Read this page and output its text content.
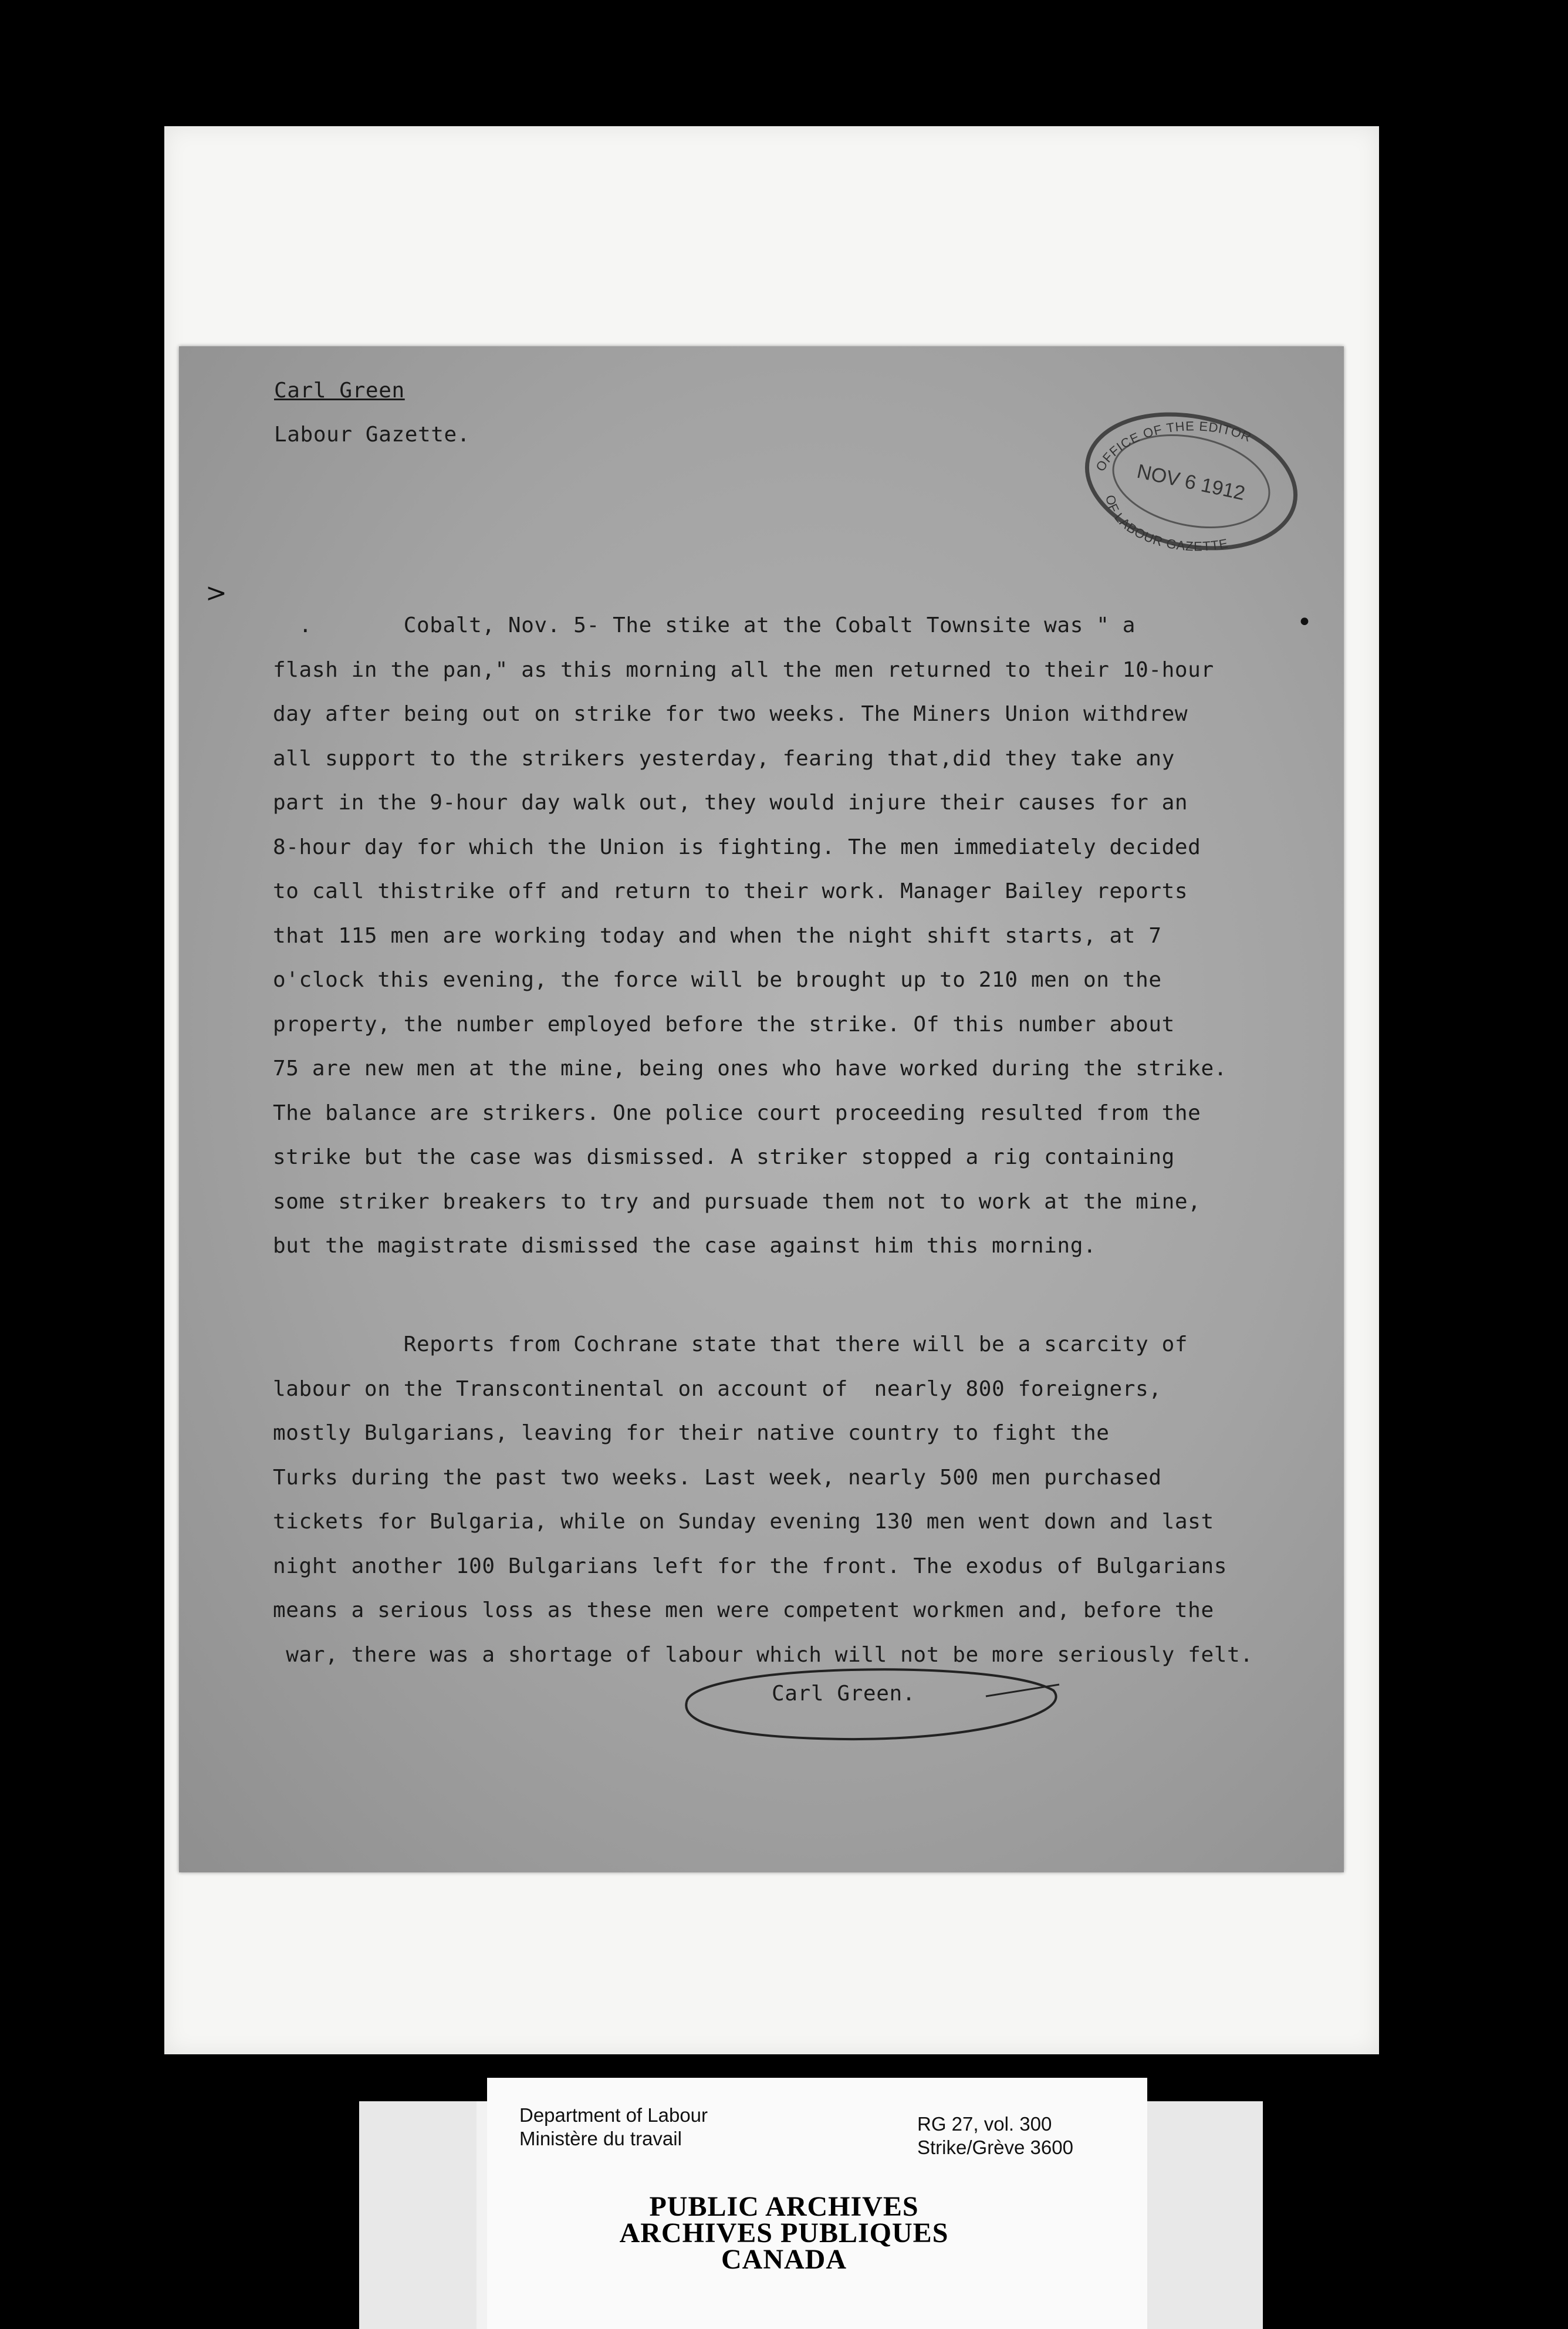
Carl Green

Labour Gazette.

OFFICE OF THE EDITOR
OF LABOUR GAZETTE
NOV 6 1912

.       Cobalt, Nov. 5- The stike at the Cobalt Townsite was " a

flash in the pan," as this morning all the men returned to their 10-hour

day after being out on strike for two weeks. The Miners Union withdrew

all support to the strikers yesterday, fearing that,did they take any

part in the 9-hour day walk out, they would injure their causes for an

8-hour day for which the Union is fighting. The men immediately decided

to call thistrike off and return to their work. Manager Bailey reports

that 115 men are working today and when the night shift starts, at 7

o'clock this evening, the force will be brought up to 210 men on the

property, the number employed before the strike. Of this number about

75 are new men at the mine, being ones who have worked during the strike.

The balance are strikers. One police court proceeding resulted from the

strike but the case was dismissed. A striker stopped a rig containing

some striker breakers to try and pursuade them not to work at the mine,

but the magistrate dismissed the case against him this morning.

Reports from Cochrane state that there will be a scarcity of

labour on the Transcontinental on account of  nearly 800 foreigners,

mostly Bulgarians, leaving for their native country to fight the

Turks during the past two weeks. Last week, nearly 500 men purchased

tickets for Bulgaria, while on Sunday evening 130 men went down and last

night another 100 Bulgarians left for the front. The exodus of Bulgarians

means a serious loss as these men were competent workmen and, before the

war, there was a shortage of labour which will not be more seriously felt.

Carl Green.

>
•
Department of Labour
Ministère du travail
RG 27, vol. 300
Strike/Grève 3600
PUBLIC ARCHIVES
ARCHIVES PUBLIQUES
CANADA
